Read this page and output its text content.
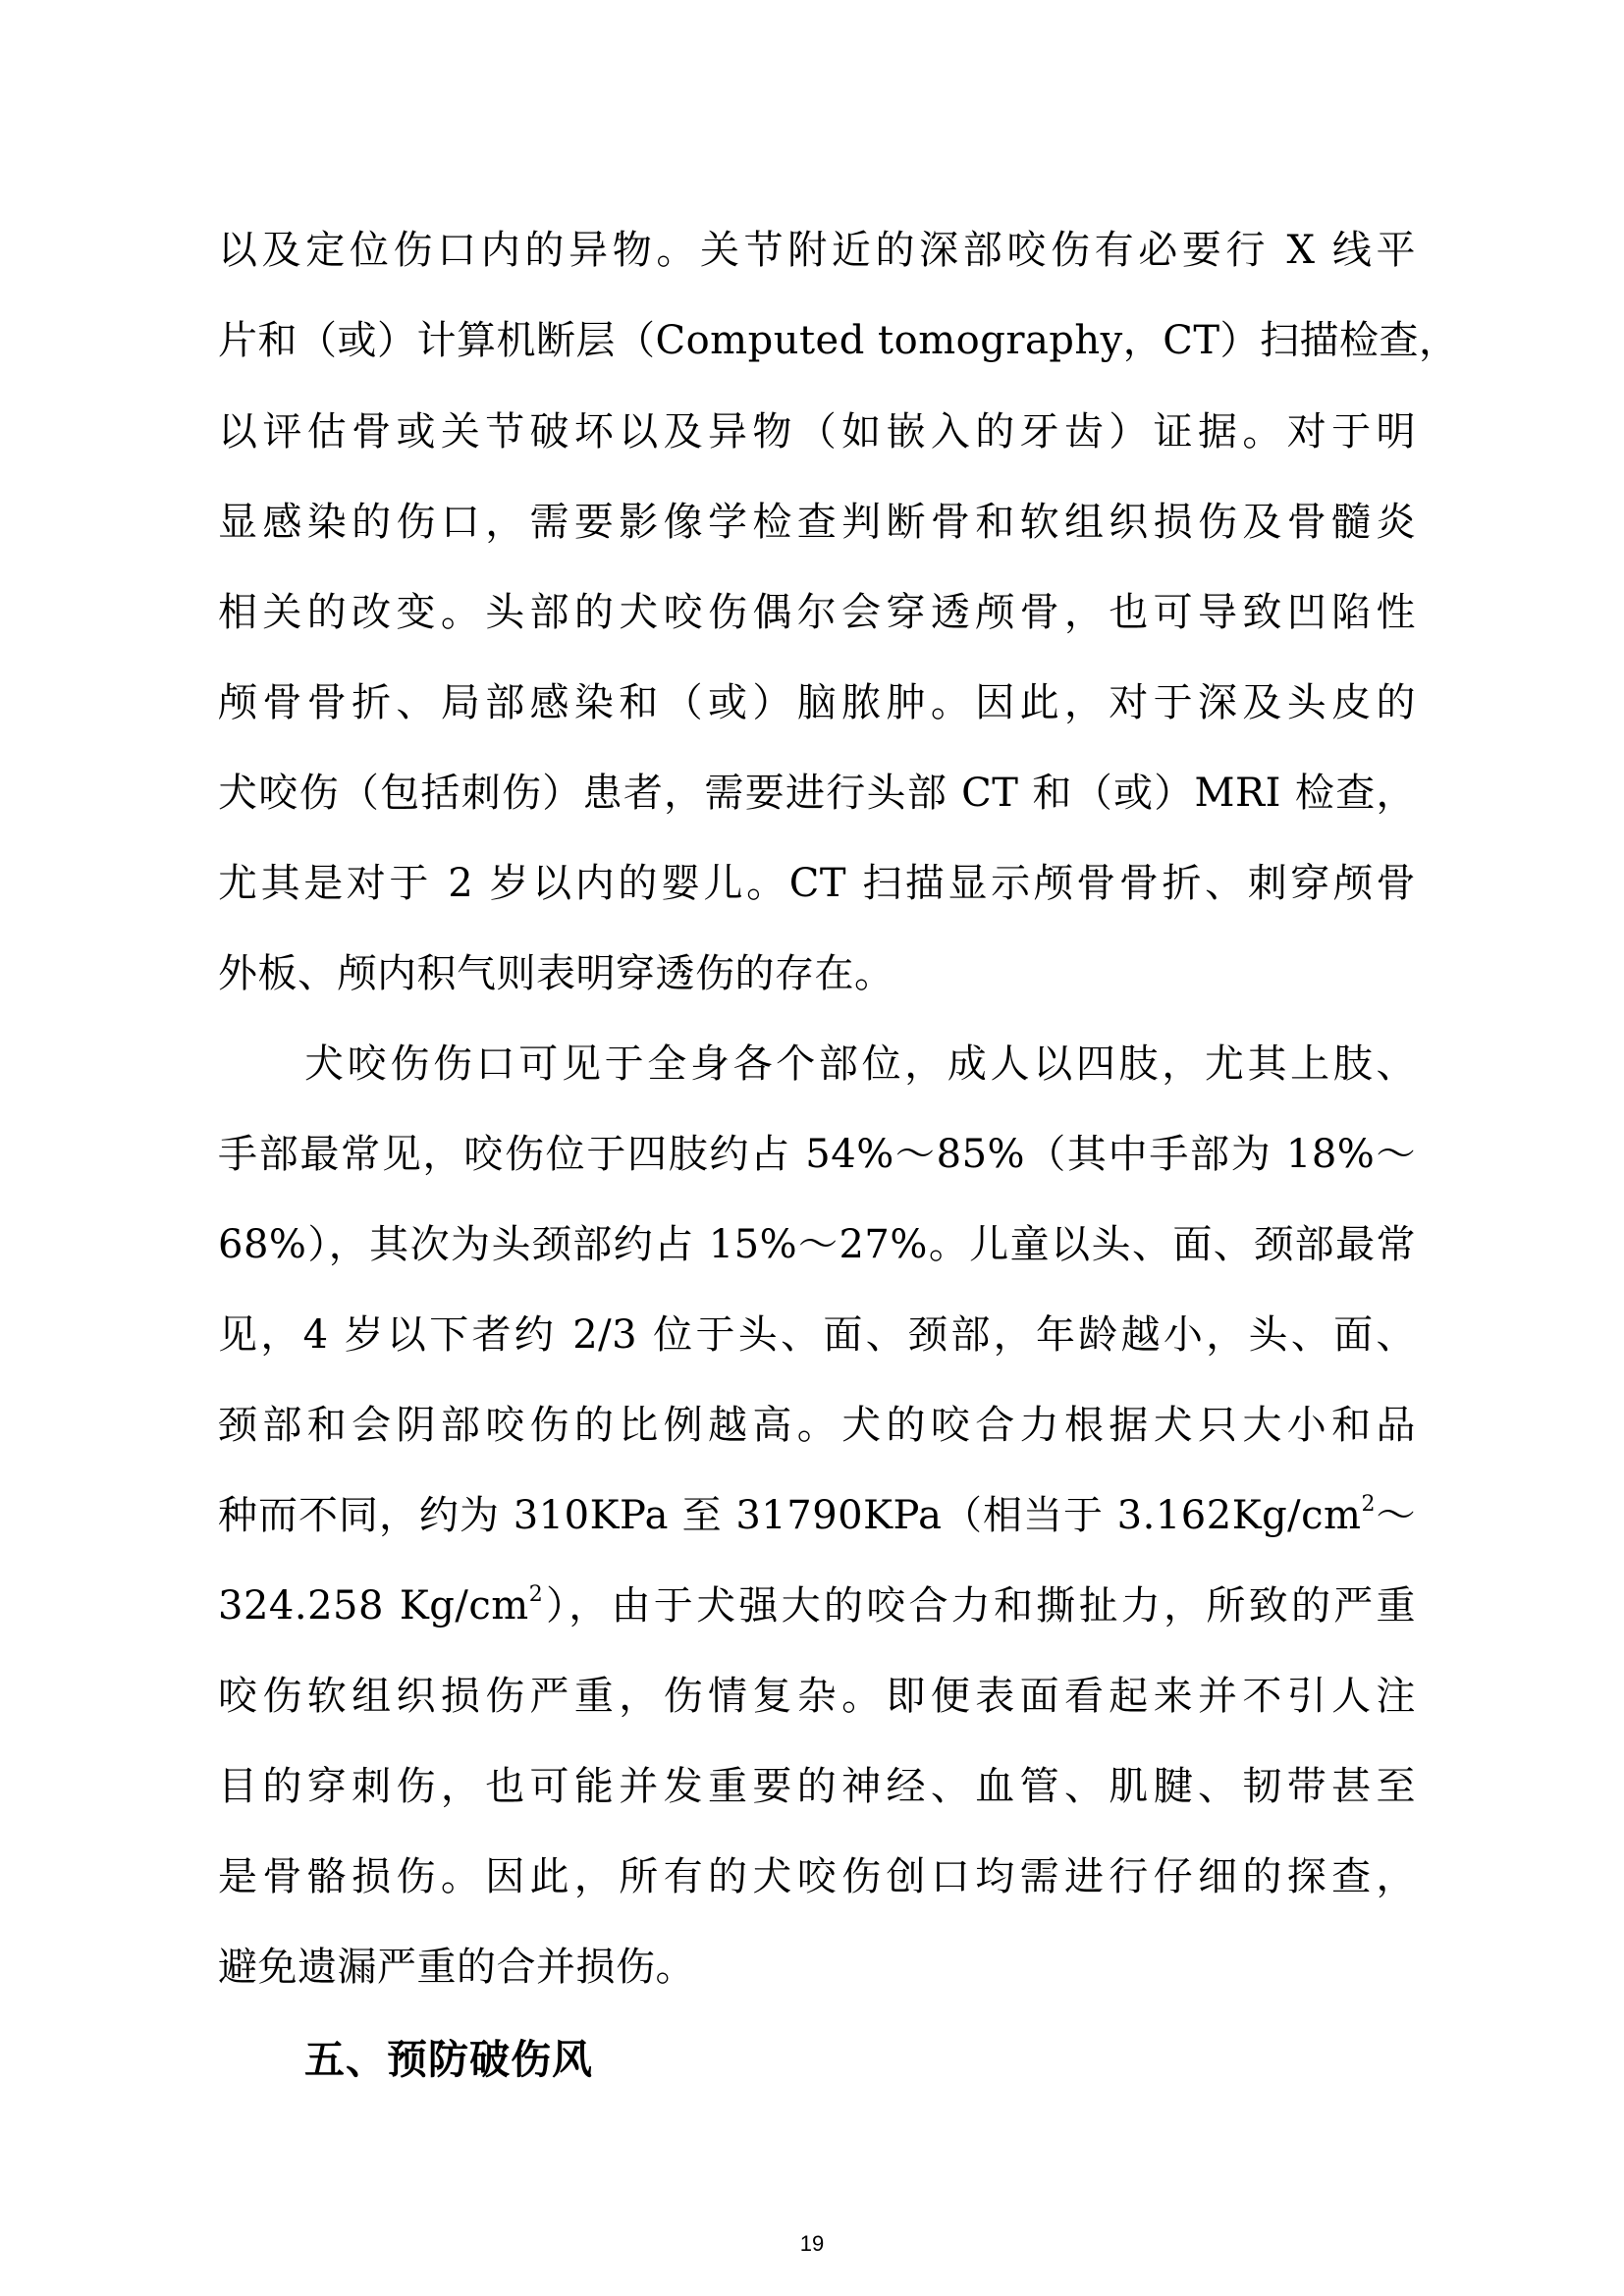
以及定位伤口内的异物。关节附近的深部咬伤有必要行 X 线平
片和（或）计算机断层（Computed tomography，CT）扫描检查，
以评估骨或关节破坏以及异物（如嵌入的牙齿）证据。对于明
显感染的伤口，需要影像学检查判断骨和软组织损伤及骨髓炎
相关的改变。头部的犬咬伤偶尔会穿透颅骨，也可导致凹陷性
颅骨骨折、局部感染和（或）脑脓肿。因此，对于深及头皮的
犬咬伤（包括刺伤）患者，需要进行头部 CT 和（或）MRI 检查，
尤其是对于 2 岁以内的婴儿。CT 扫描显示颅骨骨折、刺穿颅骨
外板、颅内积气则表明穿透伤的存在。
犬咬伤伤口可见于全身各个部位，成人以四肢，尤其上肢、
手部最常见，咬伤位于四肢约占 54%～85%（其中手部为 18%～
68%），其次为头颈部约占 15%～27%。儿童以头、面、颈部最常
见，4 岁以下者约 2/3 位于头、面、颈部，年龄越小，头、面、
颈部和会阴部咬伤的比例越高。犬的咬合力根据犬只大小和品
种而不同，约为 310KPa 至 31790KPa（相当于 $3.162Kg/cm^2\sim$
324.258 $Kg/cm^2$），由于犬强大的咬合力和撕扯力，所致的严重
咬伤软组织损伤严重，伤情复杂。即便表面看起来并不引人注
目的穿刺伤，也可能并发重要的神经、血管、肌腱、韧带甚至
是骨骼损伤。因此，所有的犬咬伤创口均需进行仔细的探查，
避免遗漏严重的合并损伤。
五、预防破伤风
19
